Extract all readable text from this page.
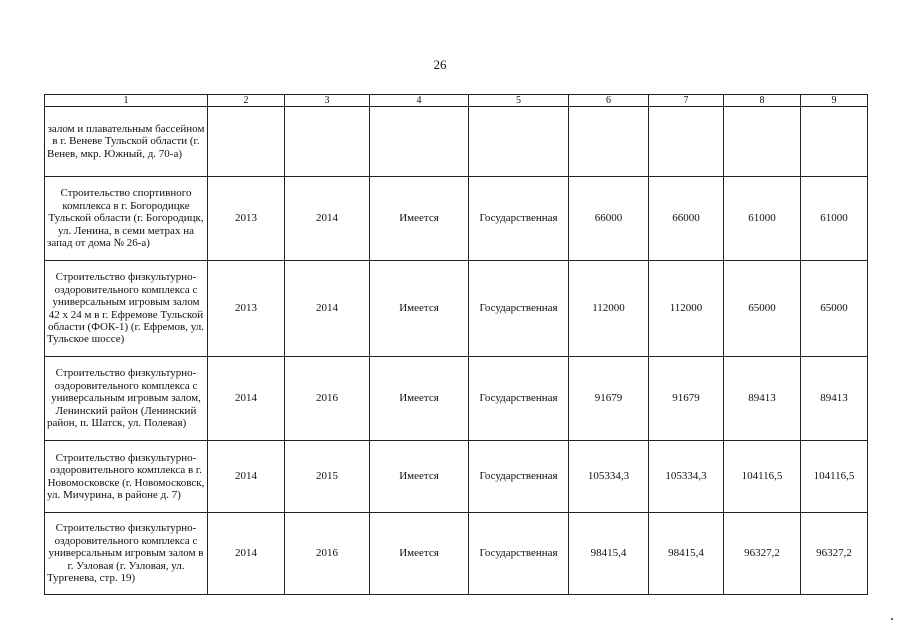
26
1	2	3	4	5	6	7	8	9
залом и плавательным бассейном в г. Веневе Тульской области (г. Венев, мкр. Южный, д. 70-а)								
Строительство спортивного комплекса в г. Богородицке Тульской области (г. Богородицк, ул. Ленина, в семи метрах на запад от дома № 26-а)	2013	2014	Имеется	Государственная	66000	66000	61000	61000
Строительство физкультурно-оздоровительного комплекса с универсальным игровым залом 42 х 24 м в г. Ефремове Тульской области (ФОК-1) (г. Ефремов, ул. Тульское шоссе)	2013	2014	Имеется	Государственная	112000	112000	65000	65000
Строительство физкультурно-оздоровительного комплекса с универсальным игровым залом, Ленинский район (Ленинский район, п. Шатск, ул. Полевая)	2014	2016	Имеется	Государственная	91679	91679	89413	89413
Строительство физкультурно-оздоровительного комплекса в г. Новомосковске (г. Новомосковск, ул. Мичурина, в районе д. 7)	2014	2015	Имеется	Государственная	105334,3	105334,3	104116,5	104116,5
Строительство физкультурно-оздоровительного комплекса с универсальным игровым залом в г. Узловая (г. Узловая, ул. Тургенева, стр. 19)	2014	2016	Имеется	Государственная	98415,4	98415,4	96327,2	96327,2
